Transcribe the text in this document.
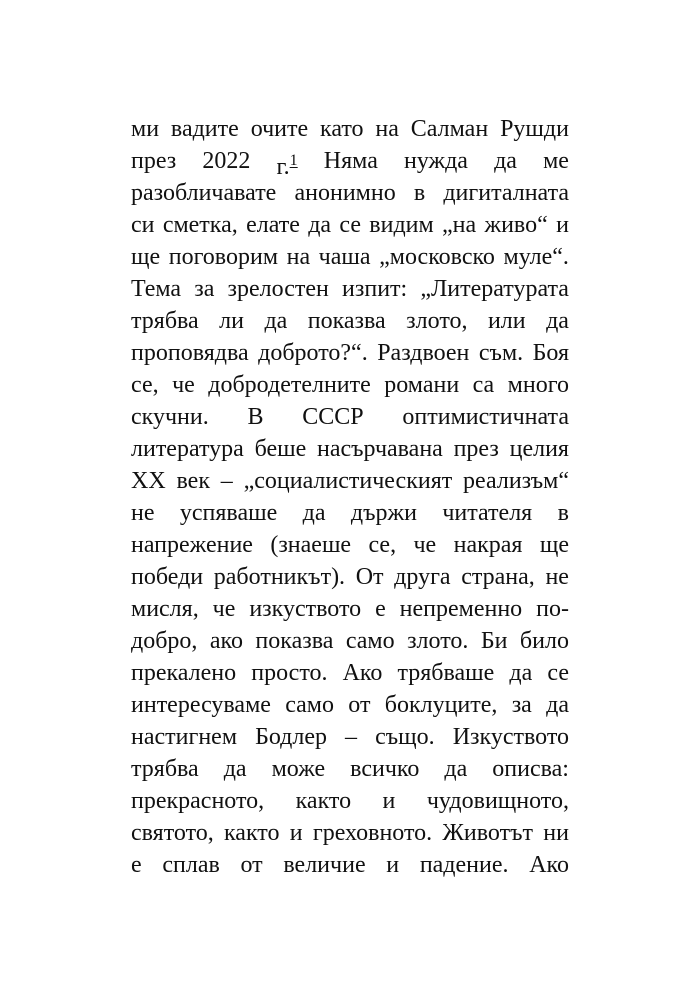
ми вадите очите като на Салман Рушди
през 2022 г.$^1$ Няма нужда да ме
разобличавате анонимно в дигиталната
си сметка, елате да се видим „на живо“ и
ще поговорим на чаша „московско муле“.
Тема за зрелостен изпит: „Литературата
трябва ли да показва злото, или да
проповядва доброто?“. Раздвоен съм. Боя
се, че добродетелните романи са много
скучни. В СССР оптимистичната
литература беше насърчавана през целия
XX век – „социалистическият реализъм“
не успяваше да държи читателя в
напрежение (знаеше се, че накрая ще
победи работникът). От друга страна, не
мисля, че изкуството е непременно по-
добро, ако показва само злото. Би било
прекалено просто. Ако трябваше да се
интересуваме само от боклуците, за да
настигнем Бодлер – също. Изкуството
трябва да може всичко да описва:
прекрасното, както и чудовищното,
святото, както и греховното. Животът ни
е сплав от величие и падение. Ако
